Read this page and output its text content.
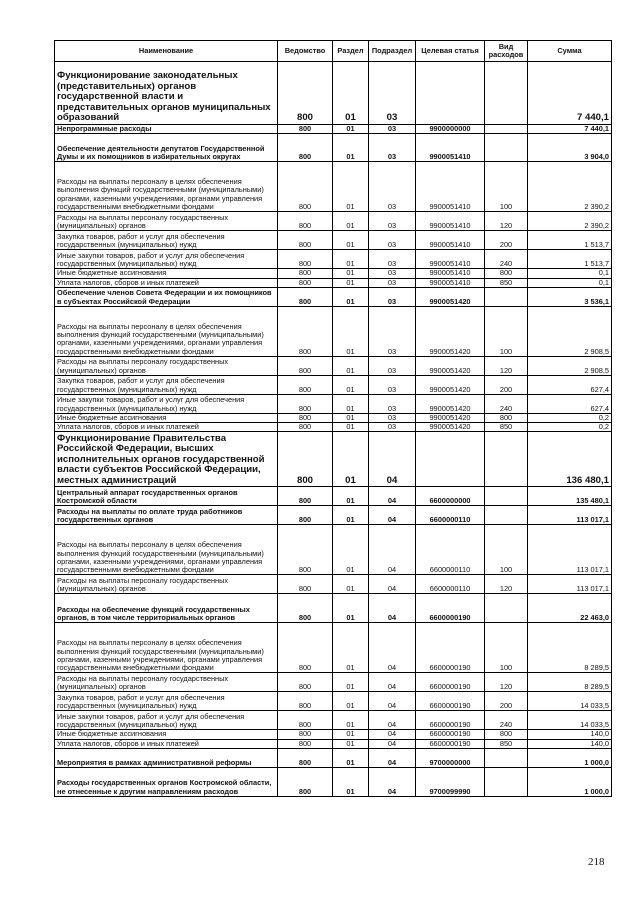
Наименование	Ведомство	Раздел	Подраздел	Целевая статья	Вид расходов	Сумма
Функционирование законодательных (представительных) органов государственной власти и представительных органов муниципальных образований	800	01	03			7 440,1
Непрограммные расходы	800	01	03	9900000000		7 440,1
Обеспечение деятельности депутатов Государственной Думы и их помощников в избирательных округах	800	01	03	9900051410		3 904,0
Расходы на выплаты персоналу в целях обеспечения выполнения функций государственными (муниципальными) органами, казенными учреждениями, органами управления государственными внебюджетными фондами	800	01	03	9900051410	100	2 390,2
Расходы на выплаты персоналу государственных (муниципальных) органов	800	01	03	9900051410	120	2 390,2
Закупка товаров, работ и услуг для обеспечения государственных (муниципальных) нужд	800	01	03	9900051410	200	1 513,7
Иные закупки товаров, работ и услуг для обеспечения государственных (муниципальных) нужд	800	01	03	9900051410	240	1 513,7
Иные бюджетные ассигнования	800	01	03	9900051410	800	0,1
Уплата налогов, сборов и иных платежей	800	01	03	9900051410	850	0,1
Обеспечение членов Совета Федерации и их помощников в субъектах Российской Федерации	800	01	03	9900051420		3 536,1
Расходы на выплаты персоналу в целях обеспечения выполнения функций государственными (муниципальными) органами, казенными учреждениями, органами управления государственными внебюджетными фондами	800	01	03	9900051420	100	2 908,5
Расходы на выплаты персоналу государственных (муниципальных) органов	800	01	03	9900051420	120	2 908,5
Закупка товаров, работ и услуг для обеспечения государственных (муниципальных) нужд	800	01	03	9900051420	200	627,4
Иные закупки товаров, работ и услуг для обеспечения государственных (муниципальных) нужд	800	01	03	9900051420	240	627,4
Иные бюджетные ассигнования	800	01	03	9900051420	800	0,2
Уплата налогов, сборов и иных платежей	800	01	03	9900051420	850	0,2
Функционирование Правительства Российской Федерации, высших исполнительных органов государственной власти субъектов Российской Федерации, местных администраций	800	01	04			136 480,1
Центральный аппарат государственных органов Костромской области	800	01	04	6600000000		135 480,1
Расходы на выплаты по оплате труда работников государственных органов	800	01	04	6600000110		113 017,1
Расходы на выплаты персоналу в целях обеспечения выполнения функций государственными (муниципальными) органами, казенными учреждениями, органами управления государственными внебюджетными фондами	800	01	04	6600000110	100	113 017,1
Расходы на выплаты персоналу государственных (муниципальных) органов	800	01	04	6600000110	120	113 017,1
Расходы на обеспечение функций государственных органов, в том числе территориальных органов	800	01	04	6600000190		22 463,0
Расходы на выплаты персоналу в целях обеспечения выполнения функций государственными (муниципальными) органами, казенными учреждениями, органами управления государственными внебюджетными фондами	800	01	04	6600000190	100	8 289,5
Расходы на выплаты персоналу государственных (муниципальных) органов	800	01	04	6600000190	120	8 289,5
Закупка товаров, работ и услуг для обеспечения государственных (муниципальных) нужд	800	01	04	6600000190	200	14 033,5
Иные закупки товаров, работ и услуг для обеспечения государственных (муниципальных) нужд	800	01	04	6600000190	240	14 033,5
Иные бюджетные ассигнования	800	01	04	6600000190	800	140,0
Уплата налогов, сборов и иных платежей	800	01	04	6600000190	850	140,0
Мероприятия в рамках административной реформы	800	01	04	9700000000		1 000,0
Расходы государственных органов Костромской области, не отнесенные к другим направлениям расходов	800	01	04	9700099990		1 000,0
218
